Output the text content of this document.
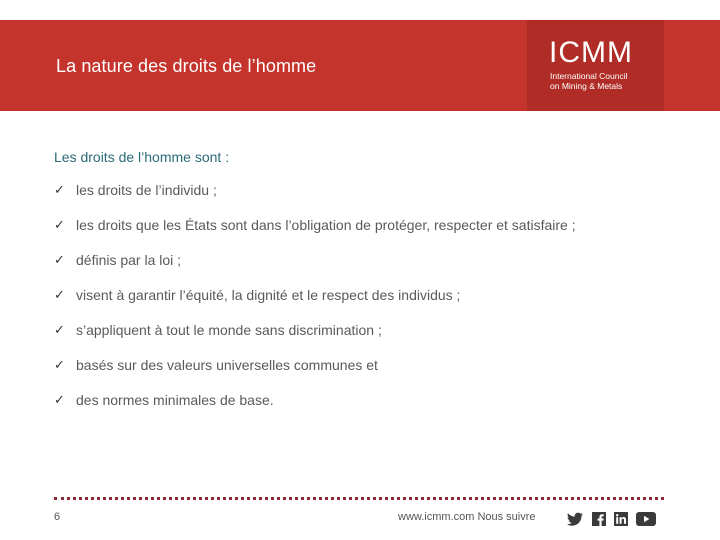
La nature des droits de l’homme	ICMM
International Council
on Mining & Metals
Les droits de l’homme sont :
✓ les droits de l’individu ;
✓ les droits que les États sont dans l’obligation de protéger, respecter et satisfaire ;
✓ définis par la loi ;
✓ visent à garantir l’équité, la dignité et le respect des individus ;
✓ s’appliquent à tout le monde sans discrimination ;
✓ basés sur des valeurs universelles communes et
✓ des normes minimales de base.
6	www.icmm.com Nous suivre
